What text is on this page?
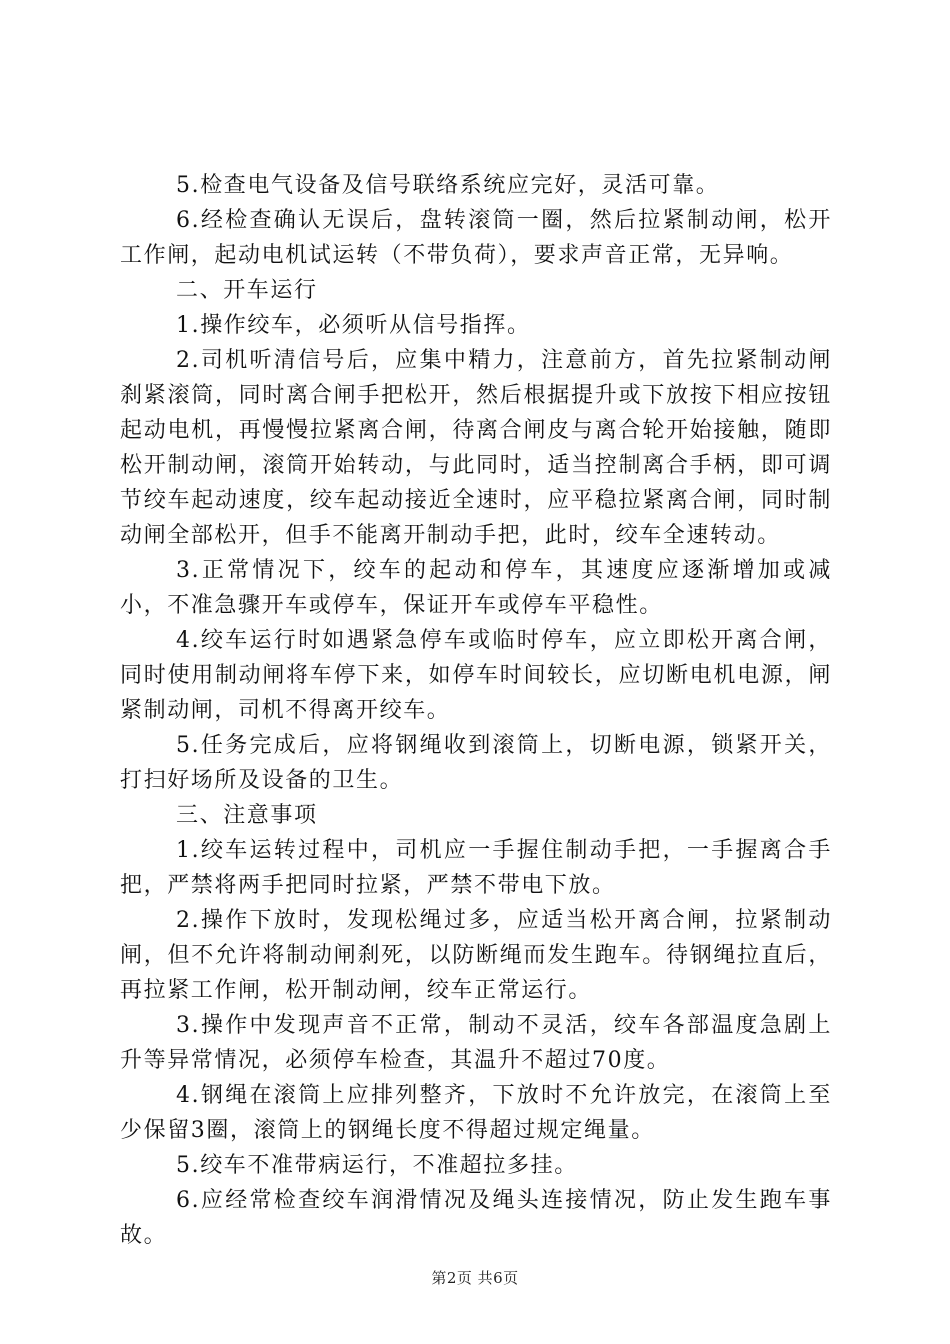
5.检查电气设备及信号联络系统应完好，灵活可靠。

6.经检查确认无误后，盘转滚筒一圈，然后拉紧制动闸，松开工作闸，起动电机试运转（不带负荷），要求声音正常，无异响。

二、开车运行

1.操作绞车，必须听从信号指挥。

2.司机听清信号后，应集中精力，注意前方，首先拉紧制动闸刹紧滚筒，同时离合闸手把松开，然后根据提升或下放按下相应按钮起动电机，再慢慢拉紧离合闸，待离合闸皮与离合轮开始接触，随即松开制动闸，滚筒开始转动，与此同时，适当控制离合手柄，即可调节绞车起动速度，绞车起动接近全速时，应平稳拉紧离合闸，同时制动闸全部松开，但手不能离开制动手把，此时，绞车全速转动。

3.正常情况下，绞车的起动和停车，其速度应逐渐增加或减小，不准急骤开车或停车，保证开车或停车平稳性。

4.绞车运行时如遇紧急停车或临时停车，应立即松开离合闸，同时使用制动闸将车停下来，如停车时间较长，应切断电机电源，闸紧制动闸，司机不得离开绞车。

5.任务完成后，应将钢绳收到滚筒上，切断电源，锁紧开关，打扫好场所及设备的卫生。

三、注意事项

1.绞车运转过程中，司机应一手握住制动手把，一手握离合手把，严禁将两手把同时拉紧，严禁不带电下放。

2.操作下放时，发现松绳过多，应适当松开离合闸，拉紧制动闸，但不允许将制动闸刹死，以防断绳而发生跑车。待钢绳拉直后，再拉紧工作闸，松开制动闸，绞车正常运行。

3.操作中发现声音不正常，制动不灵活，绞车各部温度急剧上升等异常情况，必须停车检查，其温升不超过70度。

4.钢绳在滚筒上应排列整齐，下放时不允许放完，在滚筒上至少保留3圈，滚筒上的钢绳长度不得超过规定绳量。

5.绞车不准带病运行，不准超拉多挂。

6.应经常检查绞车润滑情况及绳头连接情况，防止发生跑车事故。

第2页 共6页
